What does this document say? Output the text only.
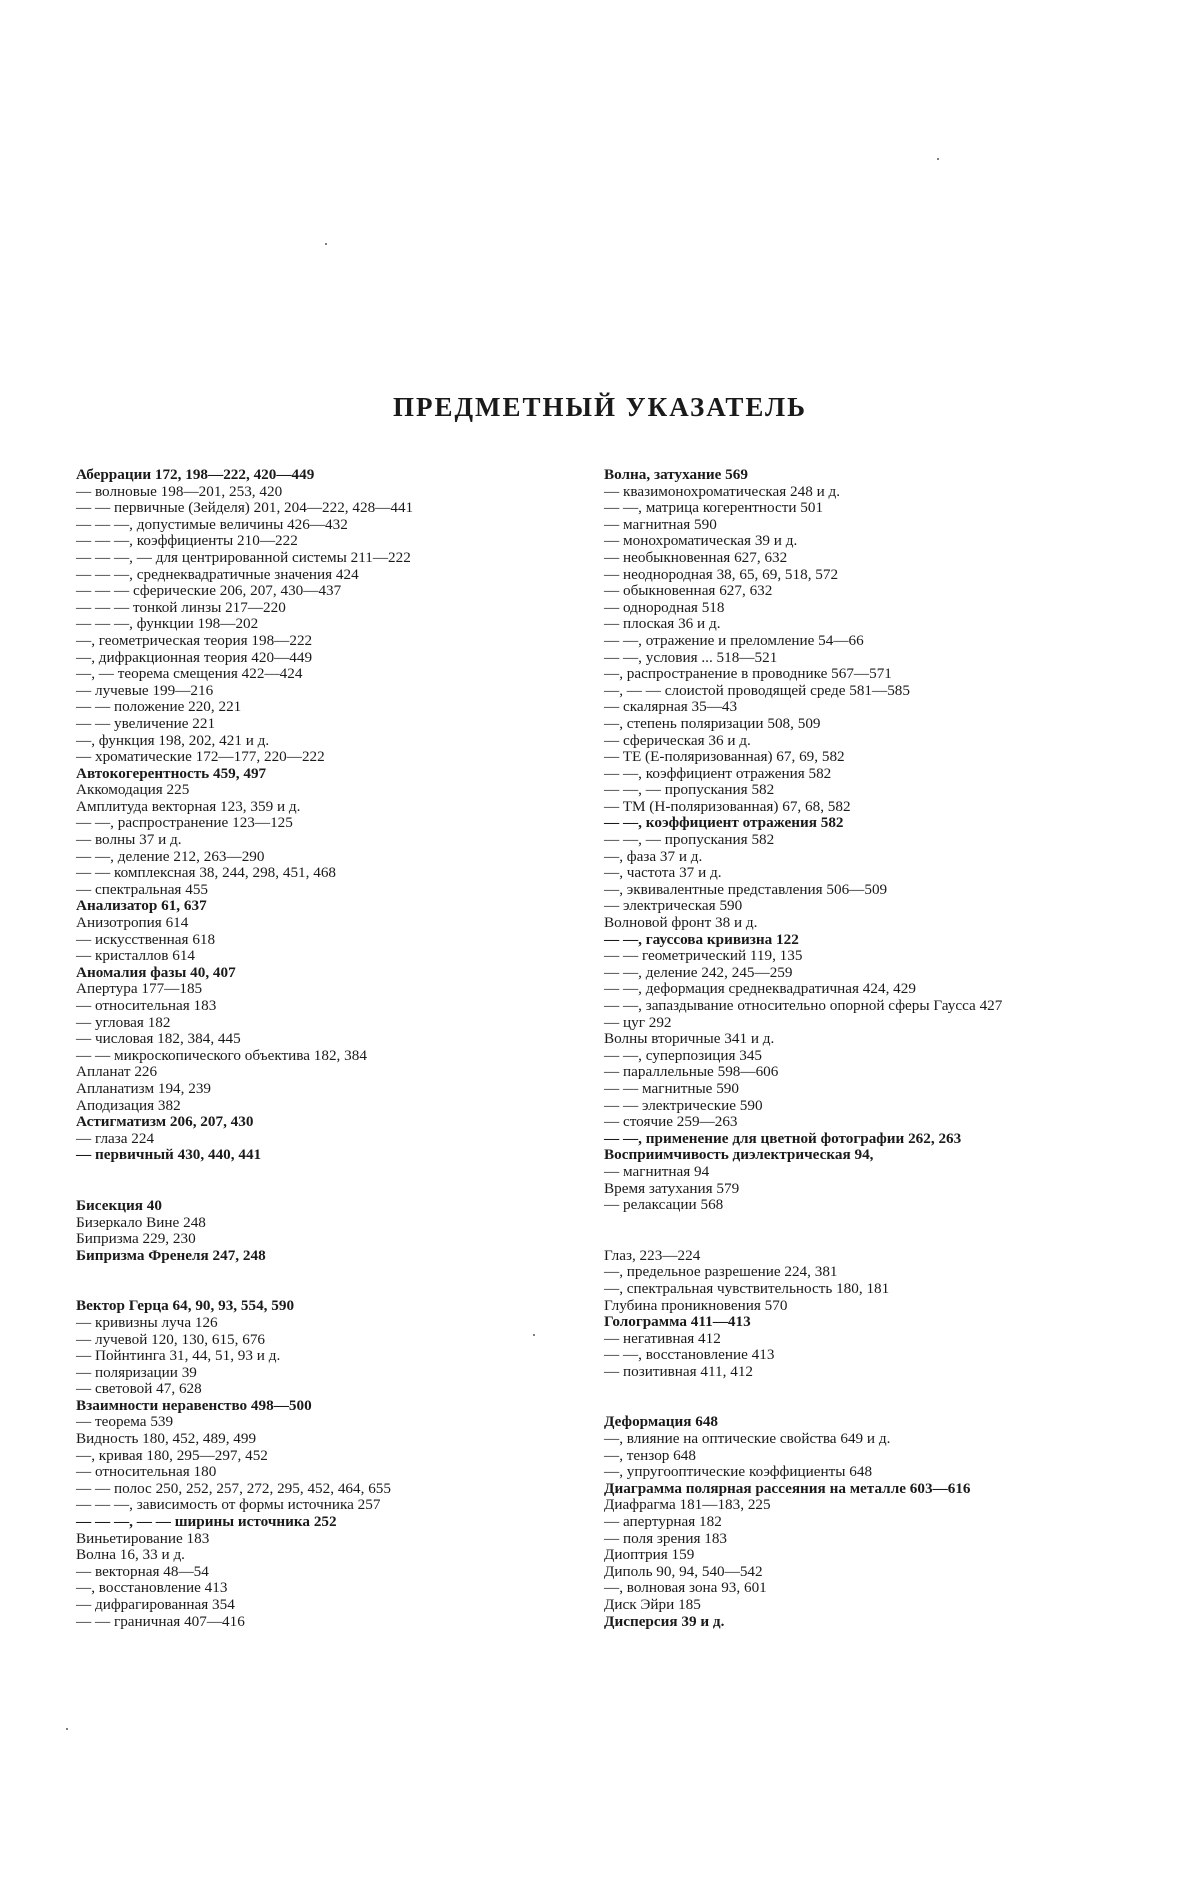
ПРЕДМЕТНЫЙ УКАЗАТЕЛЬ
Аберрации 172, 198—222, 420—449
— волновые 198—201, 253, 420
— — первичные (Зейделя) 201, 204—222, 428—441
— — —, допустимые величины 426—432
— — —, коэффициенты 210—222
— — —, — для центрированной системы 211—222
— — —, среднеквадратичные значения 424
— — — сферические 206, 207, 430—437
— — — тонкой линзы 217—220
— — —, функции 198—202
—, геометрическая теория 198—222
—, дифракционная теория 420—449
—, — теорема смещения 422—424
— лучевые 199—216
— — положение 220, 221
— — увеличение 221
—, функция 198, 202, 421 и д.
— хроматические 172—177, 220—222
Автокогерентность 459, 497
Аккомодация 225
Амплитуда векторная 123, 359 и д.
— —, распространение 123—125
— волны 37 и д.
— —, деление 212, 263—290
— — комплексная 38, 244, 298, 451, 468
— спектральная 455
Анализатор 61, 637
Анизотропия 614
— искусственная 618
— кристаллов 614
Аномалия фазы 40, 407
Апертура 177—185
— относительная 183
— угловая 182
— числовая 182, 384, 445
— — микроскопического объектива 182, 384
Апланат 226
Апланатизм 194, 239
Аподизация 382
Астигматизм 206, 207, 430
— глаза 224
— первичный 430, 440, 441
Бисекция 40
Бизеркало Вине 248
Бипризма 229, 230
Бипризма Френеля 247, 248
Вектор Герца 64, 90, 93, 554, 590
— кривизны луча 126
— лучевой 120, 130, 615, 676
— Пойнтинга 31, 44, 51, 93 и д.
— поляризации 39
— световой 47, 628
Взаимности неравенство 498—500
— теорема 539
Видность 180, 452, 489, 499
—, кривая 180, 295—297, 452
— относительная 180
— — полос 250, 252, 257, 272, 295, 452, 464, 655
— — —, зависимость от формы источника 257
— — —, — — ширины источника 252
Виньетирование 183
Волна 16, 33 и д.
— векторная 48—54
—, восстановление 413
— дифрагированная 354
— — граничная 407—416
Волна, затухание 569
— квазимонохроматическая 248 и д.
— —, матрица когерентности 501
— магнитная 590
— монохроматическая 39 и д.
— необыкновенная 627, 632
— неоднородная 38, 65, 69, 518, 572
— обыкновенная 627, 632
— однородная 518
— плоская 36 и д.
— —, отражение и преломление 54—66
— —, условия ... 518—521
—, распространение в проводнике 567—571
—, — — слоистой проводящей среде 581—585
— скалярная 35—43
—, степень поляризации 508, 509
— сферическая 36 и д.
— TE (E-поляризованная) 67, 69, 582
— —, коэффициент отражения 582
— —, — пропускания 582
— TM (H-поляризованная) 67, 68, 582
— —, коэффициент отражения 582
— —, — пропускания 582
—, фаза 37 и д.
—, частота 37 и д.
—, эквивалентные представления 506—509
— электрическая 590
Волновой фронт 38 и д.
— —, гауссова кривизна 122
— — геометрический 119, 135
— —, деление 242, 245—259
— —, деформация среднеквадратичная 424, 429
— —, запаздывание относительно опорной сферы Гаусса 427
— цуг 292
Волны вторичные 341 и д.
— —, суперпозиция 345
— параллельные 598—606
— — магнитные 590
— — электрические 590
— стоячие 259—263
— —, применение для цветной фотографии 262, 263
Восприимчивость диэлектрическая 94,
— магнитная 94
Время затухания 579
— релаксации 568
Глаз, 223—224
—, предельное разрешение 224, 381
—, спектральная чувствительность 180, 181
Глубина проникновения 570
Голограмма 411—413
— негативная 412
— —, восстановление 413
— позитивная 411, 412
Деформация 648
—, влияние на оптические свойства 649 и д.
—, тензор 648
—, упругооптические коэффициенты 648
Диаграмма полярная рассеяния на металле 603—616
Диафрагма 181—183, 225
— апертурная 182
— поля зрения 183
Диоптрия 159
Диполь 90, 94, 540—542
—, волновая зона 93, 601
Диск Эйри 185
Дисперсия 39 и д.
